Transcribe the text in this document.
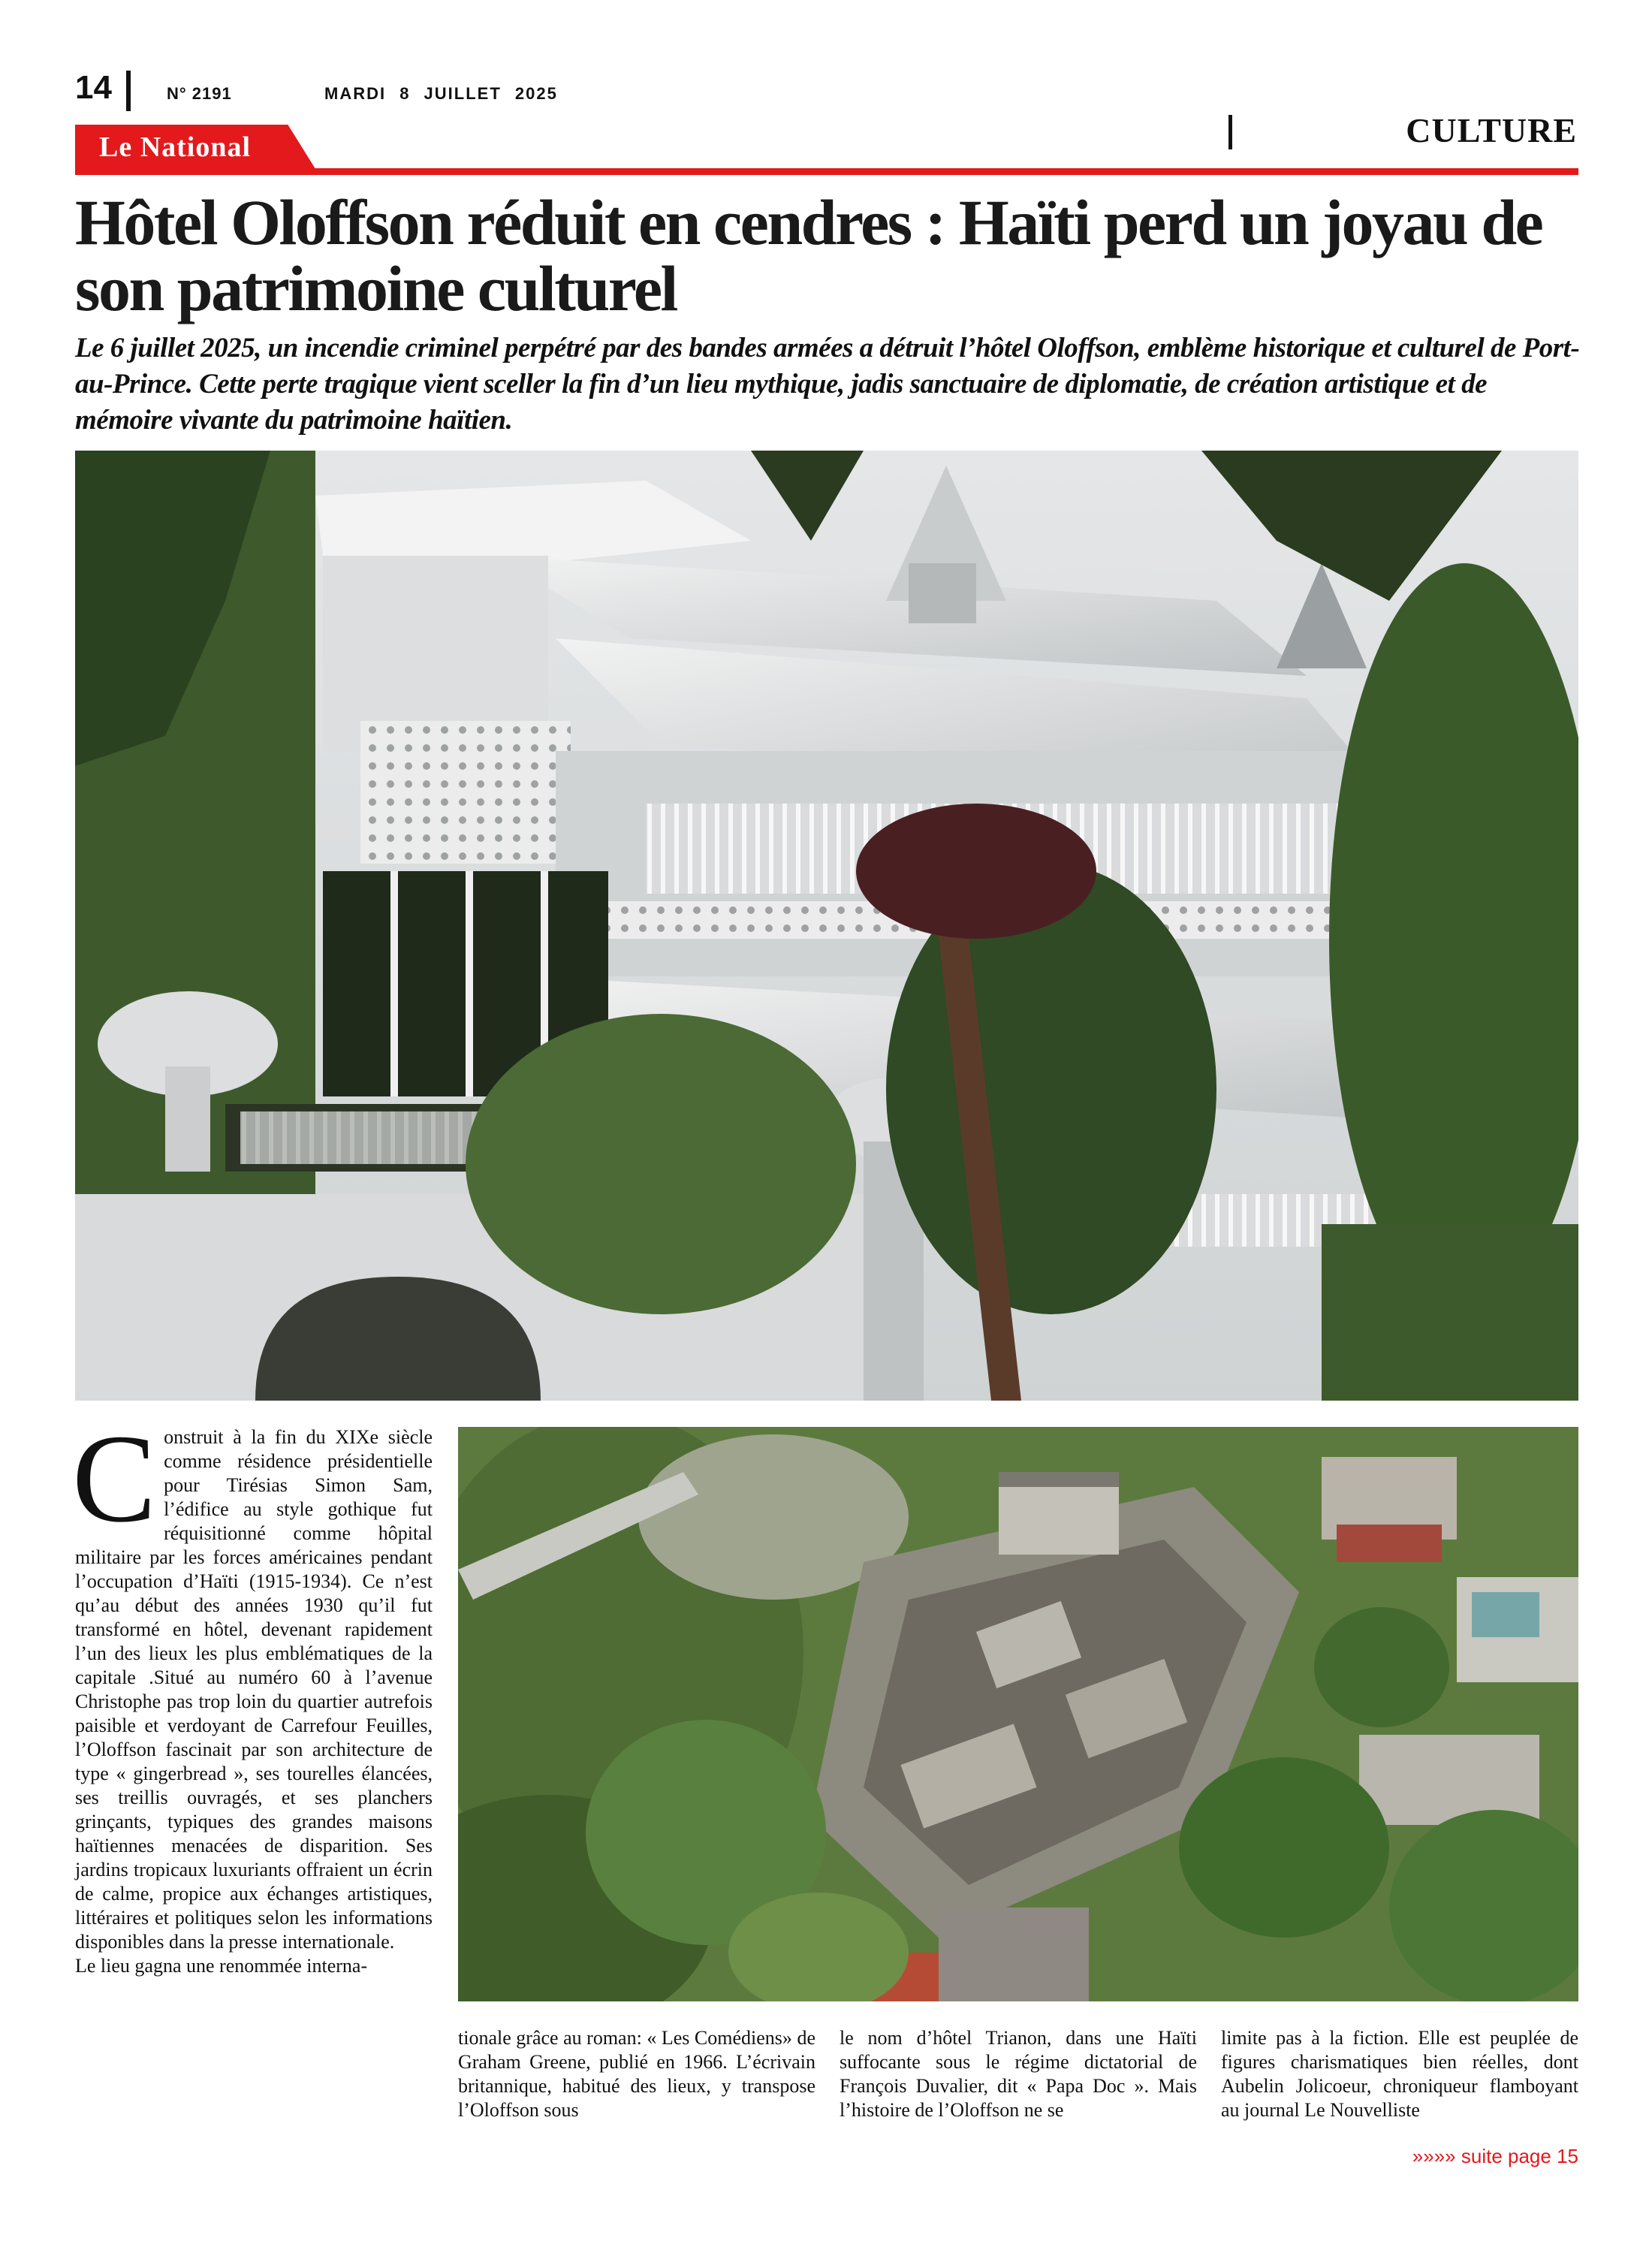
14	N° 2191	MARDI 8 JUILLET 2025
CULTURE
Le National
Hôtel Oloffson réduit en cendres : Haïti perd un joyau de son patrimoine culturel

Le 6 juillet 2025, un incendie criminel perpétré par des bandes armées a détruit l’hôtel Oloffson, emblème historique et culturel de Port-au-Prince. Cette perte tragique vient sceller la fin d’un lieu mythique, jadis sanctuaire de diplomatie, de création artistique et de mémoire vivante du patrimoine haïtien.

Construit à la fin du XIXe siècle comme résidence présidentielle pour Tirésias Simon Sam, l’édifice au style gothique fut réquisitionné comme hôpital militaire par les forces américaines pendant l’occupation d’Haïti (1915-1934). Ce n’est qu’au début des années 1930 qu’il fut transformé en hôtel, devenant rapidement l’un des lieux les plus emblématiques de la capitale .Situé au numéro 60 à l’avenue Christophe pas trop loin du quartier autrefois paisible et verdoyant de Carrefour Feuilles, l’Oloffson fascinait par son architecture de type « gingerbread », ses tourelles élancées, ses treillis ouvragés, et ses planchers grinçants, typiques des grandes maisons haïtiennes menacées de disparition. Ses jardins tropicaux luxuriants offraient un écrin de calme, propice aux échanges artistiques, littéraires et politiques selon les informations disponibles dans la presse internationale.
Le lieu gagna une renommée interna-

tionale grâce au roman: « Les Comédiens» de Graham Greene, publié en 1966. L’écrivain britannique, habitué des lieux, y transpose l’Oloffson sous

le nom d’hôtel Trianon, dans une Haïti suffocante sous le régime dictatorial de François Duvalier, dit « Papa Doc ». Mais l’histoire de l’Oloffson ne se

limite pas à la fiction. Elle est peuplée de figures charismatiques bien réelles, dont Aubelin Jolicoeur, chroniqueur flamboyant au journal Le Nouvelliste

»»»» suite page 15
